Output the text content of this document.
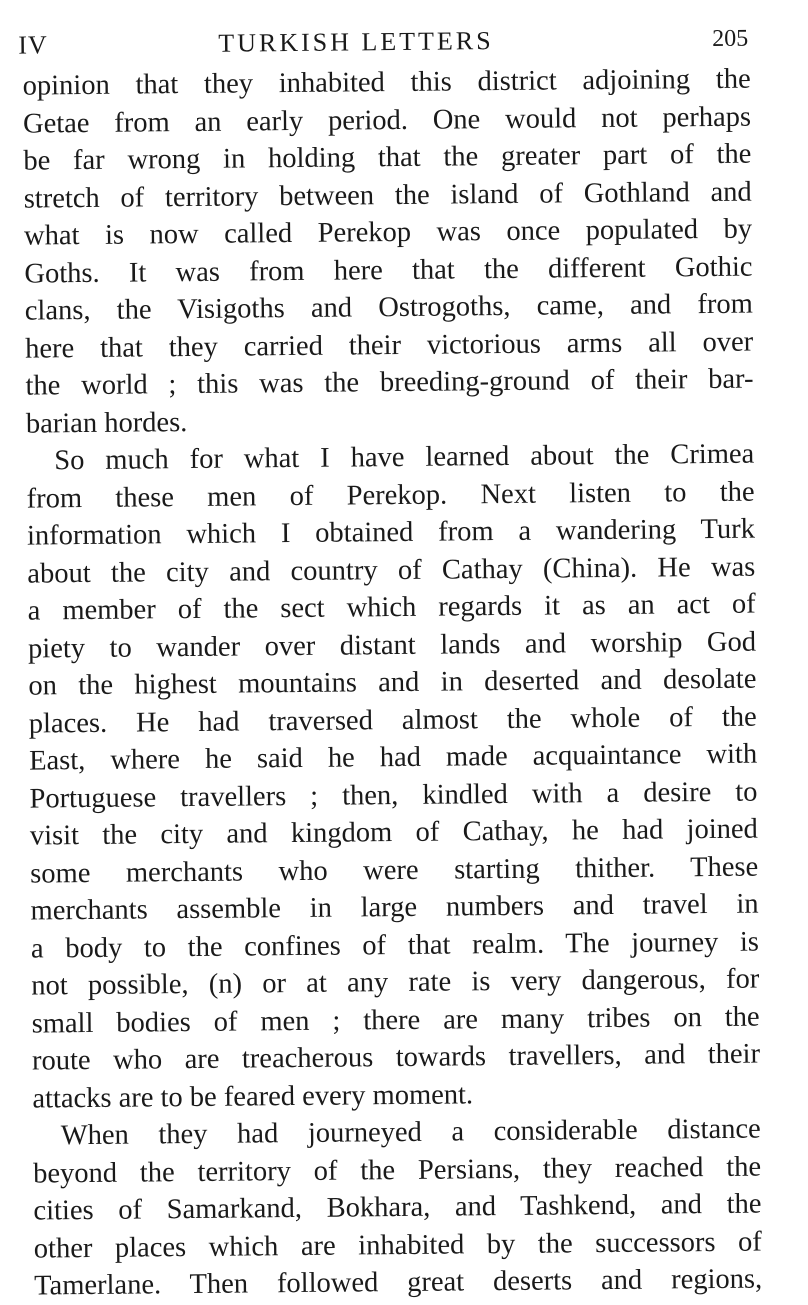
IV	TURKISH LETTERS	205

opinion that they inhabited this district adjoining the
Getae from an early period. One would not perhaps
be far wrong in holding that the greater part of the
stretch of territory between the island of Gothland and
what is now called Perekop was once populated by
Goths. It was from here that the different Gothic
clans, the Visigoths and Ostrogoths, came, and from
here that they carried their victorious arms all over
the world ; this was the breeding-ground of their bar-
barian hordes.

So much for what I have learned about the Crimea
from these men of Perekop. Next listen to the
information which I obtained from a wandering Turk
about the city and country of Cathay (China). He was
a member of the sect which regards it as an act of
piety to wander over distant lands and worship God
on the highest mountains and in deserted and desolate
places. He had traversed almost the whole of the
East, where he said he had made acquaintance with
Portuguese travellers ; then, kindled with a desire to
visit the city and kingdom of Cathay, he had joined
some merchants who were starting thither. These
merchants assemble in large numbers and travel in
a body to the confines of that realm. The journey is
not possible, (n) or at any rate is very dangerous, for
small bodies of men ; there are many tribes on the
route who are treacherous towards travellers, and their
attacks are to be feared every moment.

When they had journeyed a considerable distance
beyond the territory of the Persians, they reached the
cities of Samarkand, Bokhara, and Tashkend, and the
other places which are inhabited by the successors of
Tamerlane. Then followed great deserts and regions,
